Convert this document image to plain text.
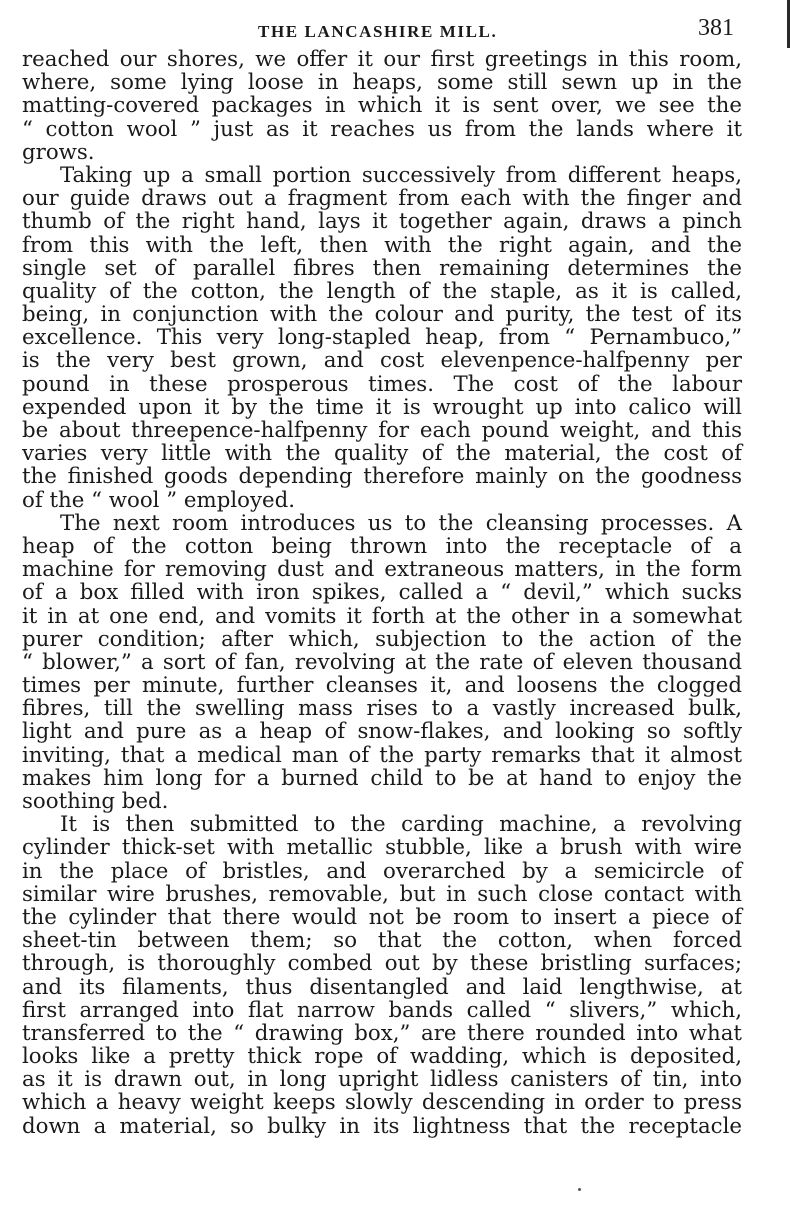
THE LANCASHIRE MILL.	381
reached our shores, we offer it our first greetings in this room,
where, some lying loose in heaps, some still sewn up in the
matting-covered packages in which it is sent over, we see the
“ cotton wool ” just as it reaches us from the lands where it
grows.
Taking up a small portion successively from different heaps,
our guide draws out a fragment from each with the finger and
thumb of the right hand, lays it together again, draws a pinch
from this with the left, then with the right again, and the
single set of parallel fibres then remaining determines the
quality of the cotton, the length of the staple, as it is called,
being, in conjunction with the colour and purity, the test of its
excellence. This very long-stapled heap, from “ Pernambuco,”
is the very best grown, and cost elevenpence-halfpenny per
pound in these prosperous times. The cost of the labour
expended upon it by the time it is wrought up into calico will
be about threepence-halfpenny for each pound weight, and this
varies very little with the quality of the material, the cost of
the finished goods depending therefore mainly on the goodness
of the “ wool ” employed.
The next room introduces us to the cleansing processes. A
heap of the cotton being thrown into the receptacle of a
machine for removing dust and extraneous matters, in the form
of a box filled with iron spikes, called a “ devil,” which sucks
it in at one end, and vomits it forth at the other in a somewhat
purer condition; after which, subjection to the action of the
“ blower,” a sort of fan, revolving at the rate of eleven thousand
times per minute, further cleanses it, and loosens the clogged
fibres, till the swelling mass rises to a vastly increased bulk,
light and pure as a heap of snow-flakes, and looking so softly
inviting, that a medical man of the party remarks that it almost
makes him long for a burned child to be at hand to enjoy the
soothing bed.
It is then submitted to the carding machine, a revolving
cylinder thick-set with metallic stubble, like a brush with wire
in the place of bristles, and overarched by a semicircle of
similar wire brushes, removable, but in such close contact with
the cylinder that there would not be room to insert a piece of
sheet-tin between them; so that the cotton, when forced
through, is thoroughly combed out by these bristling surfaces;
and its filaments, thus disentangled and laid lengthwise, at
first arranged into flat narrow bands called “ slivers,” which,
transferred to the “ drawing box,” are there rounded into what
looks like a pretty thick rope of wadding, which is deposited,
as it is drawn out, in long upright lidless canisters of tin, into
which a heavy weight keeps slowly descending in order to press
down a material, so bulky in its lightness that the receptacle
